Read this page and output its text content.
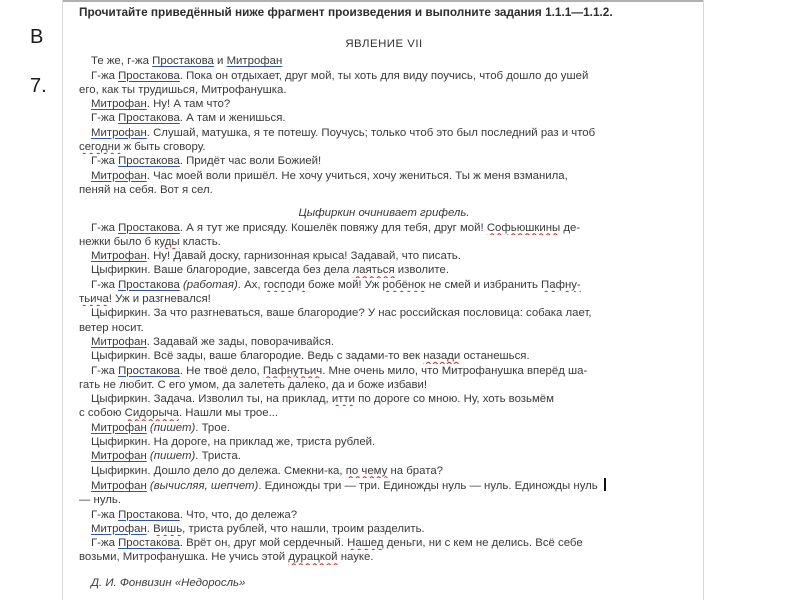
В
7.
Прочитайте приведённый ниже фрагмент произведения и выполните задания 1.1.1—1.1.2.
ЯВЛЕНИЕ VII
Те же, г-жа Простакова и Митрофан
Г-жа Простакова. Пока он отдыхает, друг мой, ты хоть для виду поучись, чтоб дошло до ушей
его, как ты трудишься, Митрофанушка.
Митрофан. Ну! А там что?
Г-жа Простакова. А там и женишься.
Митрофан. Слушай, матушка, я те потешу. Поучусь; только чтоб это был последний раз и чтоб
сегодни ж быть сговору.
Г-жа Простакова. Придёт час воли Божией!
Митрофан. Час моей воли пришёл. Не хочу учиться, хочу жениться. Ты ж меня взманила,
пеняй на себя. Вот я сел.
Цыфиркин очинивает грифель.
Г-жа Простакова. А я тут же присяду. Кошелёк повяжу для тебя, друг мой! Софьюшкины де-
нежки было б куды класть.
Митрофан. Ну! Давай доску, гарнизонная крыса! Задавай, что писать.
Цыфиркин. Ваше благородие, завсегда без дела лаяться изволите.
Г-жа Простакова (работая). Ах, господи боже мой! Уж робёнок не смей и избранить Пафну-
тьича! Уж и разгневался!
Цыфиркин. За что разгневаться, ваше благородие? У нас российская пословица: собака лает,
ветер носит.
Митрофан. Задавай же зады, поворачивайся.
Цыфиркин. Всё зады, ваше благородие. Ведь с задами-то век назади останешься.
Г-жа Простакова. Не твоё дело, Пафнутьич. Мне очень мило, что Митрофанушка вперёд ша-
гать не любит. С его умом, да залететь далеко, да и боже избави!
Цыфиркин. Задача. Изволил ты, на приклад, итти по дороге со мною. Ну, хоть возьмём
с собою Сидорыча. Нашли мы трое...
Митрофан (пишет). Трое.
Цыфиркин. На дороге, на приклад же, триста рублей.
Митрофан (пишет). Триста.
Цыфиркин. Дошло дело до дележа. Смекни-ка, по чему на брата?
Митрофан (вычисляя, шепчет). Единожды три — три. Единожды нуль — нуль. Единожды нуль
— нуль.
Г-жа Простакова. Что, что, до дележа?
Митрофан. Вишь, триста рублей, что нашли, троим разделить.
Г-жа Простакова. Врёт он, друг мой сердечный. Нашед деньги, ни с кем не делись. Всё себе
возьми, Митрофанушка. Не учись этой дурацкой науке.
Д. И. Фонвизин «Недоросль»
